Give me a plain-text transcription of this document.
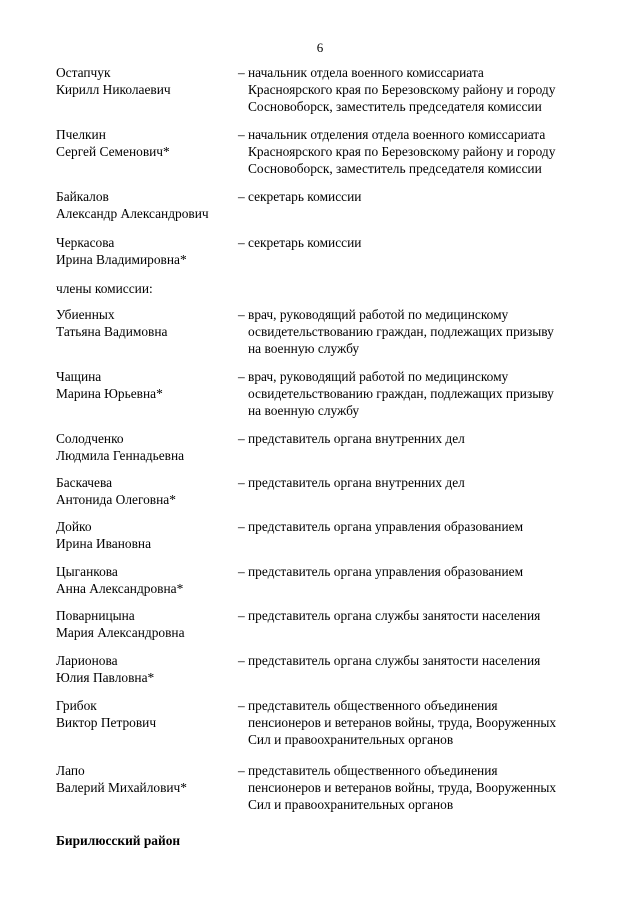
6
Остапчук
Кирилл Николаевич
– начальник отдела военного комиссариата
Красноярского края по Березовскому району и городу
Сосновоборск, заместитель председателя комиссии
Пчелкин
Сергей Семенович*
– начальник отделения отдела военного комиссариата
Красноярского края по Березовскому району и городу
Сосновоборск, заместитель председателя комиссии
Байкалов
Александр Александрович
– секретарь комиссии
Черкасова
Ирина Владимировна*
– секретарь комиссии
Убиенных
Татьяна Вадимовна
– врач, руководящий работой по медицинскому
освидетельствованию граждан, подлежащих призыву
на военную службу
Чащина
Марина Юрьевна*
– врач, руководящий работой по медицинскому
освидетельствованию граждан, подлежащих призыву
на военную службу
Солодченко
Людмила Геннадьевна
– представитель органа внутренних дел
Баскачева
Антонида Олеговна*
– представитель органа внутренних дел
Дойко
Ирина Ивановна
– представитель органа управления образованием
Цыганкова
Анна Александровна*
– представитель органа управления образованием
Поварницына
Мария Александровна
– представитель органа службы занятости населения
Ларионова
Юлия Павловна*
– представитель органа службы занятости населения
Грибок
Виктор Петрович
– представитель общественного объединения
пенсионеров и ветеранов войны, труда, Вооруженных
Сил и правоохранительных органов
Лапо
Валерий Михайлович*
– представитель общественного объединения
пенсионеров и ветеранов войны, труда, Вооруженных
Сил и правоохранительных органов
члены комиссии:
Бирилюсский район
